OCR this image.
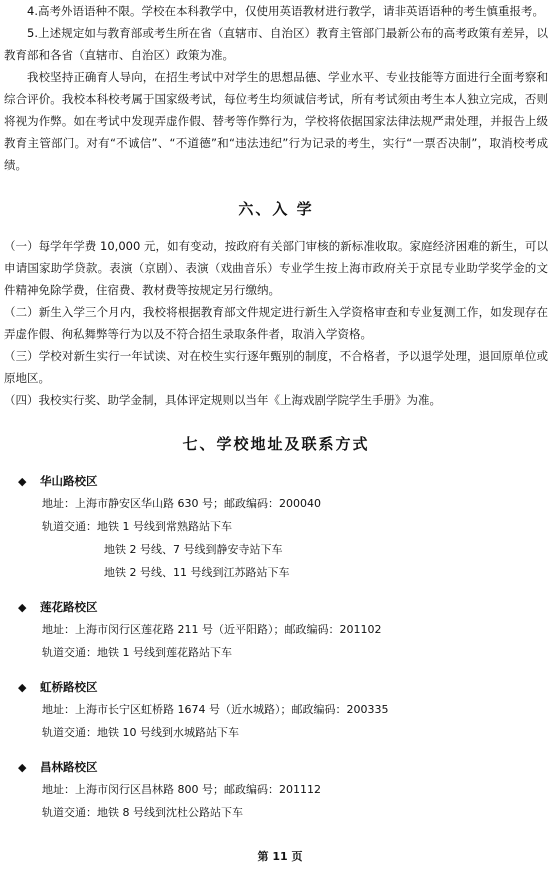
4.高考外语语种不限。学校在本科教学中，仅使用英语教材进行教学，请非英语语种的考生慎重报考。

5.上述规定如与教育部或考生所在省（直辖市、自治区）教育主管部门最新公布的高考政策有差异，以教育部和各省（直辖市、自治区）政策为准。

我校坚持正确育人导向，在招生考试中对学生的思想品德、学业水平、专业技能等方面进行全面考察和综合评价。我校本科校考属于国家级考试，每位考生均须诚信考试，所有考试须由考生本人独立完成，否则将视为作弊。如在考试中发现弄虚作假、替考等作弊行为，学校将依据国家法律法规严肃处理，并报告上级教育主管部门。对有“不诚信”、“不道德”和“违法违纪”行为记录的考生，实行“一票否决制”，取消校考成绩。

六、入 学

（一）每学年学费 10,000 元，如有变动，按政府有关部门审核的新标准收取。家庭经济困难的新生，可以申请国家助学贷款。表演（京剧）、表演（戏曲音乐）专业学生按上海市政府关于京昆专业助学奖学金的文件精神免除学费，住宿费、教材费等按规定另行缴纳。

（二）新生入学三个月内，我校将根据教育部文件规定进行新生入学资格审查和专业复测工作，如发现存在弄虚作假、徇私舞弊等行为以及不符合招生录取条件者，取消入学资格。

（三）学校对新生实行一年试读、对在校生实行逐年甄别的制度，不合格者，予以退学处理，退回原单位或原地区。

（四）我校实行奖、助学金制，具体评定规则以当年《上海戏剧学院学生手册》为准。

七、学校地址及联系方式
◆	华山路校区
地址：上海市静安区华山路 630 号；邮政编码：200040
轨道交通：地铁 1 号线到常熟路站下车
地铁 2 号线、7 号线到静安寺站下车
地铁 2 号线、11 号线到江苏路站下车
◆	莲花路校区
地址：上海市闵行区莲花路 211 号（近平阳路）；邮政编码：201102
轨道交通：地铁 1 号线到莲花路站下车
◆	虹桥路校区
地址：上海市长宁区虹桥路 1674 号（近水城路）；邮政编码：200335
轨道交通：地铁 10 号线到水城路站下车
◆	昌林路校区
地址：上海市闵行区昌林路 800 号；邮政编码：201112
轨道交通：地铁 8 号线到沈杜公路站下车
第 11 页
